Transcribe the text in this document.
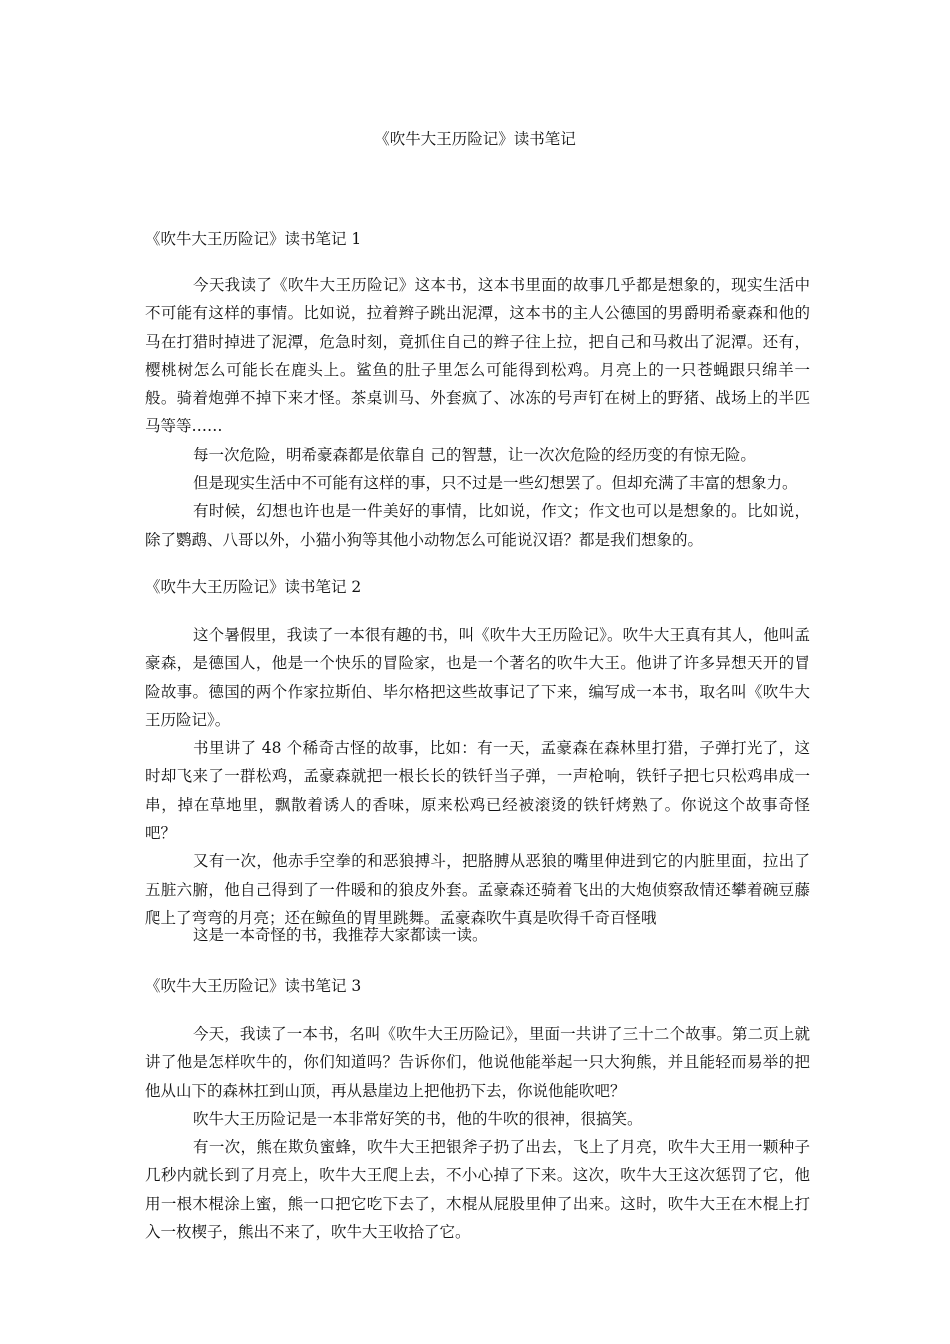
《吹牛大王历险记》读书笔记
《吹牛大王历险记》读书笔记 1

今天我读了《吹牛大王历险记》这本书，这本书里面的故事几乎都是想象的，现实生活中不可能有这样的事情。比如说，拉着辫子跳出泥潭，这本书的主人公德国的男爵明希豪森和他的马在打猎时掉进了泥潭，危急时刻，竟抓住自己的辫子往上拉，把自己和马救出了泥潭。还有，樱桃树怎么可能长在鹿头上。鲨鱼的肚子里怎么可能得到松鸡。月亮上的一只苍蝇跟只绵羊一般。骑着炮弹不掉下来才怪。茶桌训马、外套疯了、冰冻的号声钉在树上的野猪、战场上的半匹马等等……

每一次危险，明希豪森都是依靠自 己的智慧，让一次次危险的经历变的有惊无险。

但是现实生活中不可能有这样的事，只不过是一些幻想罢了。但却充满了丰富的想象力。

有时候，幻想也许也是一件美好的事情，比如说，作文；作文也可以是想象的。比如说，除了鹦鹉、八哥以外，小猫小狗等其他小动物怎么可能说汉语？都是我们想象的。

《吹牛大王历险记》读书笔记 2

这个暑假里，我读了一本很有趣的书，叫《吹牛大王历险记》。吹牛大王真有其人，他叫孟豪森，是德国人，他是一个快乐的冒险家，也是一个著名的吹牛大王。他讲了许多异想天开的冒险故事。德国的两个作家拉斯伯、毕尔格把这些故事记了下来，编写成一本书，取名叫《吹牛大王历险记》。

书里讲了 48 个稀奇古怪的故事，比如：有一天，孟豪森在森林里打猎，子弹打光了，这时却飞来了一群松鸡，孟豪森就把一根长长的铁钎当子弹，一声枪响，铁钎子把七只松鸡串成一串，掉在草地里，飘散着诱人的香味，原来松鸡已经被滚烫的铁钎烤熟了。你说这个故事奇怪吧？

又有一次，他赤手空拳的和恶狼搏斗，把胳膊从恶狼的嘴里伸进到它的内脏里面，拉出了五脏六腑，他自己得到了一件暖和的狼皮外套。孟豪森还骑着飞出的大炮侦察敌情还攀着碗豆藤爬上了弯弯的月亮；还在鲸鱼的胃里跳舞。孟豪森吹牛真是吹得千奇百怪哦

这是一本奇怪的书，我推荐大家都读一读。

《吹牛大王历险记》读书笔记 3

今天，我读了一本书，名叫《吹牛大王历险记》，里面一共讲了三十二个故事。第二页上就讲了他是怎样吹牛的，你们知道吗？告诉你们，他说他能举起一只大狗熊，并且能轻而易举的把他从山下的森林扛到山顶，再从悬崖边上把他扔下去，你说他能吹吧？

吹牛大王历险记是一本非常好笑的书，他的牛吹的很神，很搞笑。

有一次，熊在欺负蜜蜂，吹牛大王把银斧子扔了出去，飞上了月亮，吹牛大王用一颗种子几秒内就长到了月亮上，吹牛大王爬上去，不小心掉了下来。这次，吹牛大王这次惩罚了它，他用一根木棍涂上蜜，熊一口把它吃下去了，木棍从屁股里伸了出来。这时，吹牛大王在木棍上打入一枚楔子，熊出不来了，吹牛大王收拾了它。
